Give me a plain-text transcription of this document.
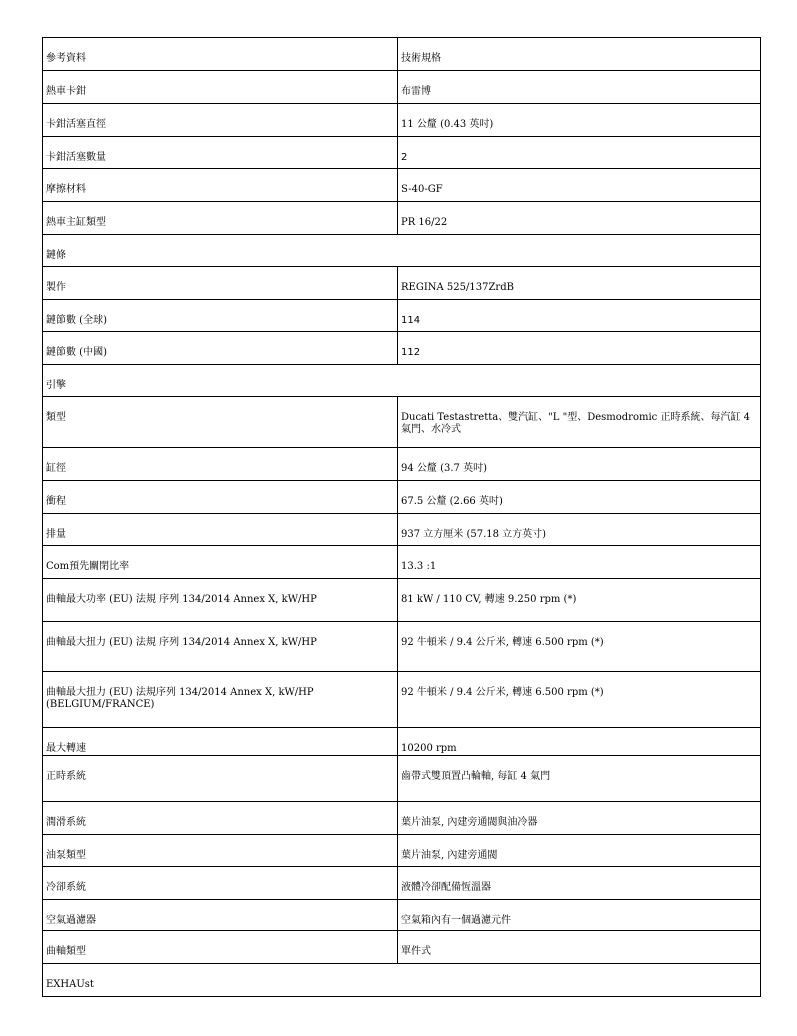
參考資料	技術規格
熱車卡鉗	布雷博
卡鉗活塞直徑	11 公釐 (0.43 英吋)
卡鉗活塞數量	2
摩擦材料	S-40-GF
熱車主缸類型	PR 16/22
鏈條	
製作	REGINA 525/137ZrdB
鏈節數 (全球)	114
鏈節數 (中國)	112
引擎	
類型	Ducati Testastretta、雙汽缸、"L "型、Desmodromic 正時系統、每汽缸 4 氣門、水冷式
缸徑	94 公釐 (3.7 英吋)
衝程	67.5 公釐 (2.66 英吋)
排量	937 立方厘米 (57.18 立方英寸)
Com預先關閉比率	13.3 :1
曲軸最大功率 (EU) 法規 序列 134/2014 Annex X, kW/HP	81 kW / 110 CV, 轉速 9.250 rpm (*)
曲軸最大扭力 (EU) 法規 序列 134/2014 Annex X, kW/HP	92 牛頓米 / 9.4 公斤米, 轉速 6.500 rpm (*)
曲軸最大扭力 (EU) 法規序列 134/2014 Annex X, kW/HP (BELGIUM/FRANCE)	92 牛頓米 / 9.4 公斤米, 轉速 6.500 rpm (*)
最大轉速	10200 rpm
正時系統	齒帶式雙頂置凸輪軸, 每缸 4 氣門
潤滑系統	葉片油泵, 內建旁通閥與油冷器
油泵類型	葉片油泵, 內建旁通閥
冷卻系統	液體冷卻配備恆溫器
空氣過濾器	空氣箱內有一個過濾元件
曲軸類型	單件式
EXHAUst	
